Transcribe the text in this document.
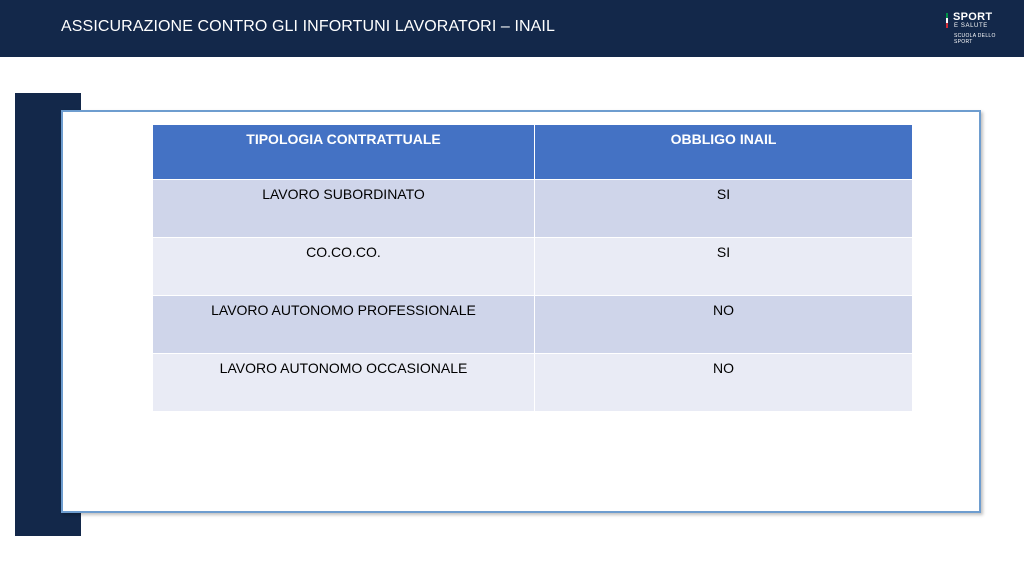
ASSICURAZIONE CONTRO GLI INFORTUNI LAVORATORI – INAIL
SPORT
E SALUTE
SCUOLA DELLO SPORT
TIPOLOGIA CONTRATTUALE	OBBLIGO INAIL
LAVORO SUBORDINATO	SI
CO.CO.CO.	SI
LAVORO AUTONOMO PROFESSIONALE	NO
LAVORO AUTONOMO OCCASIONALE	NO
